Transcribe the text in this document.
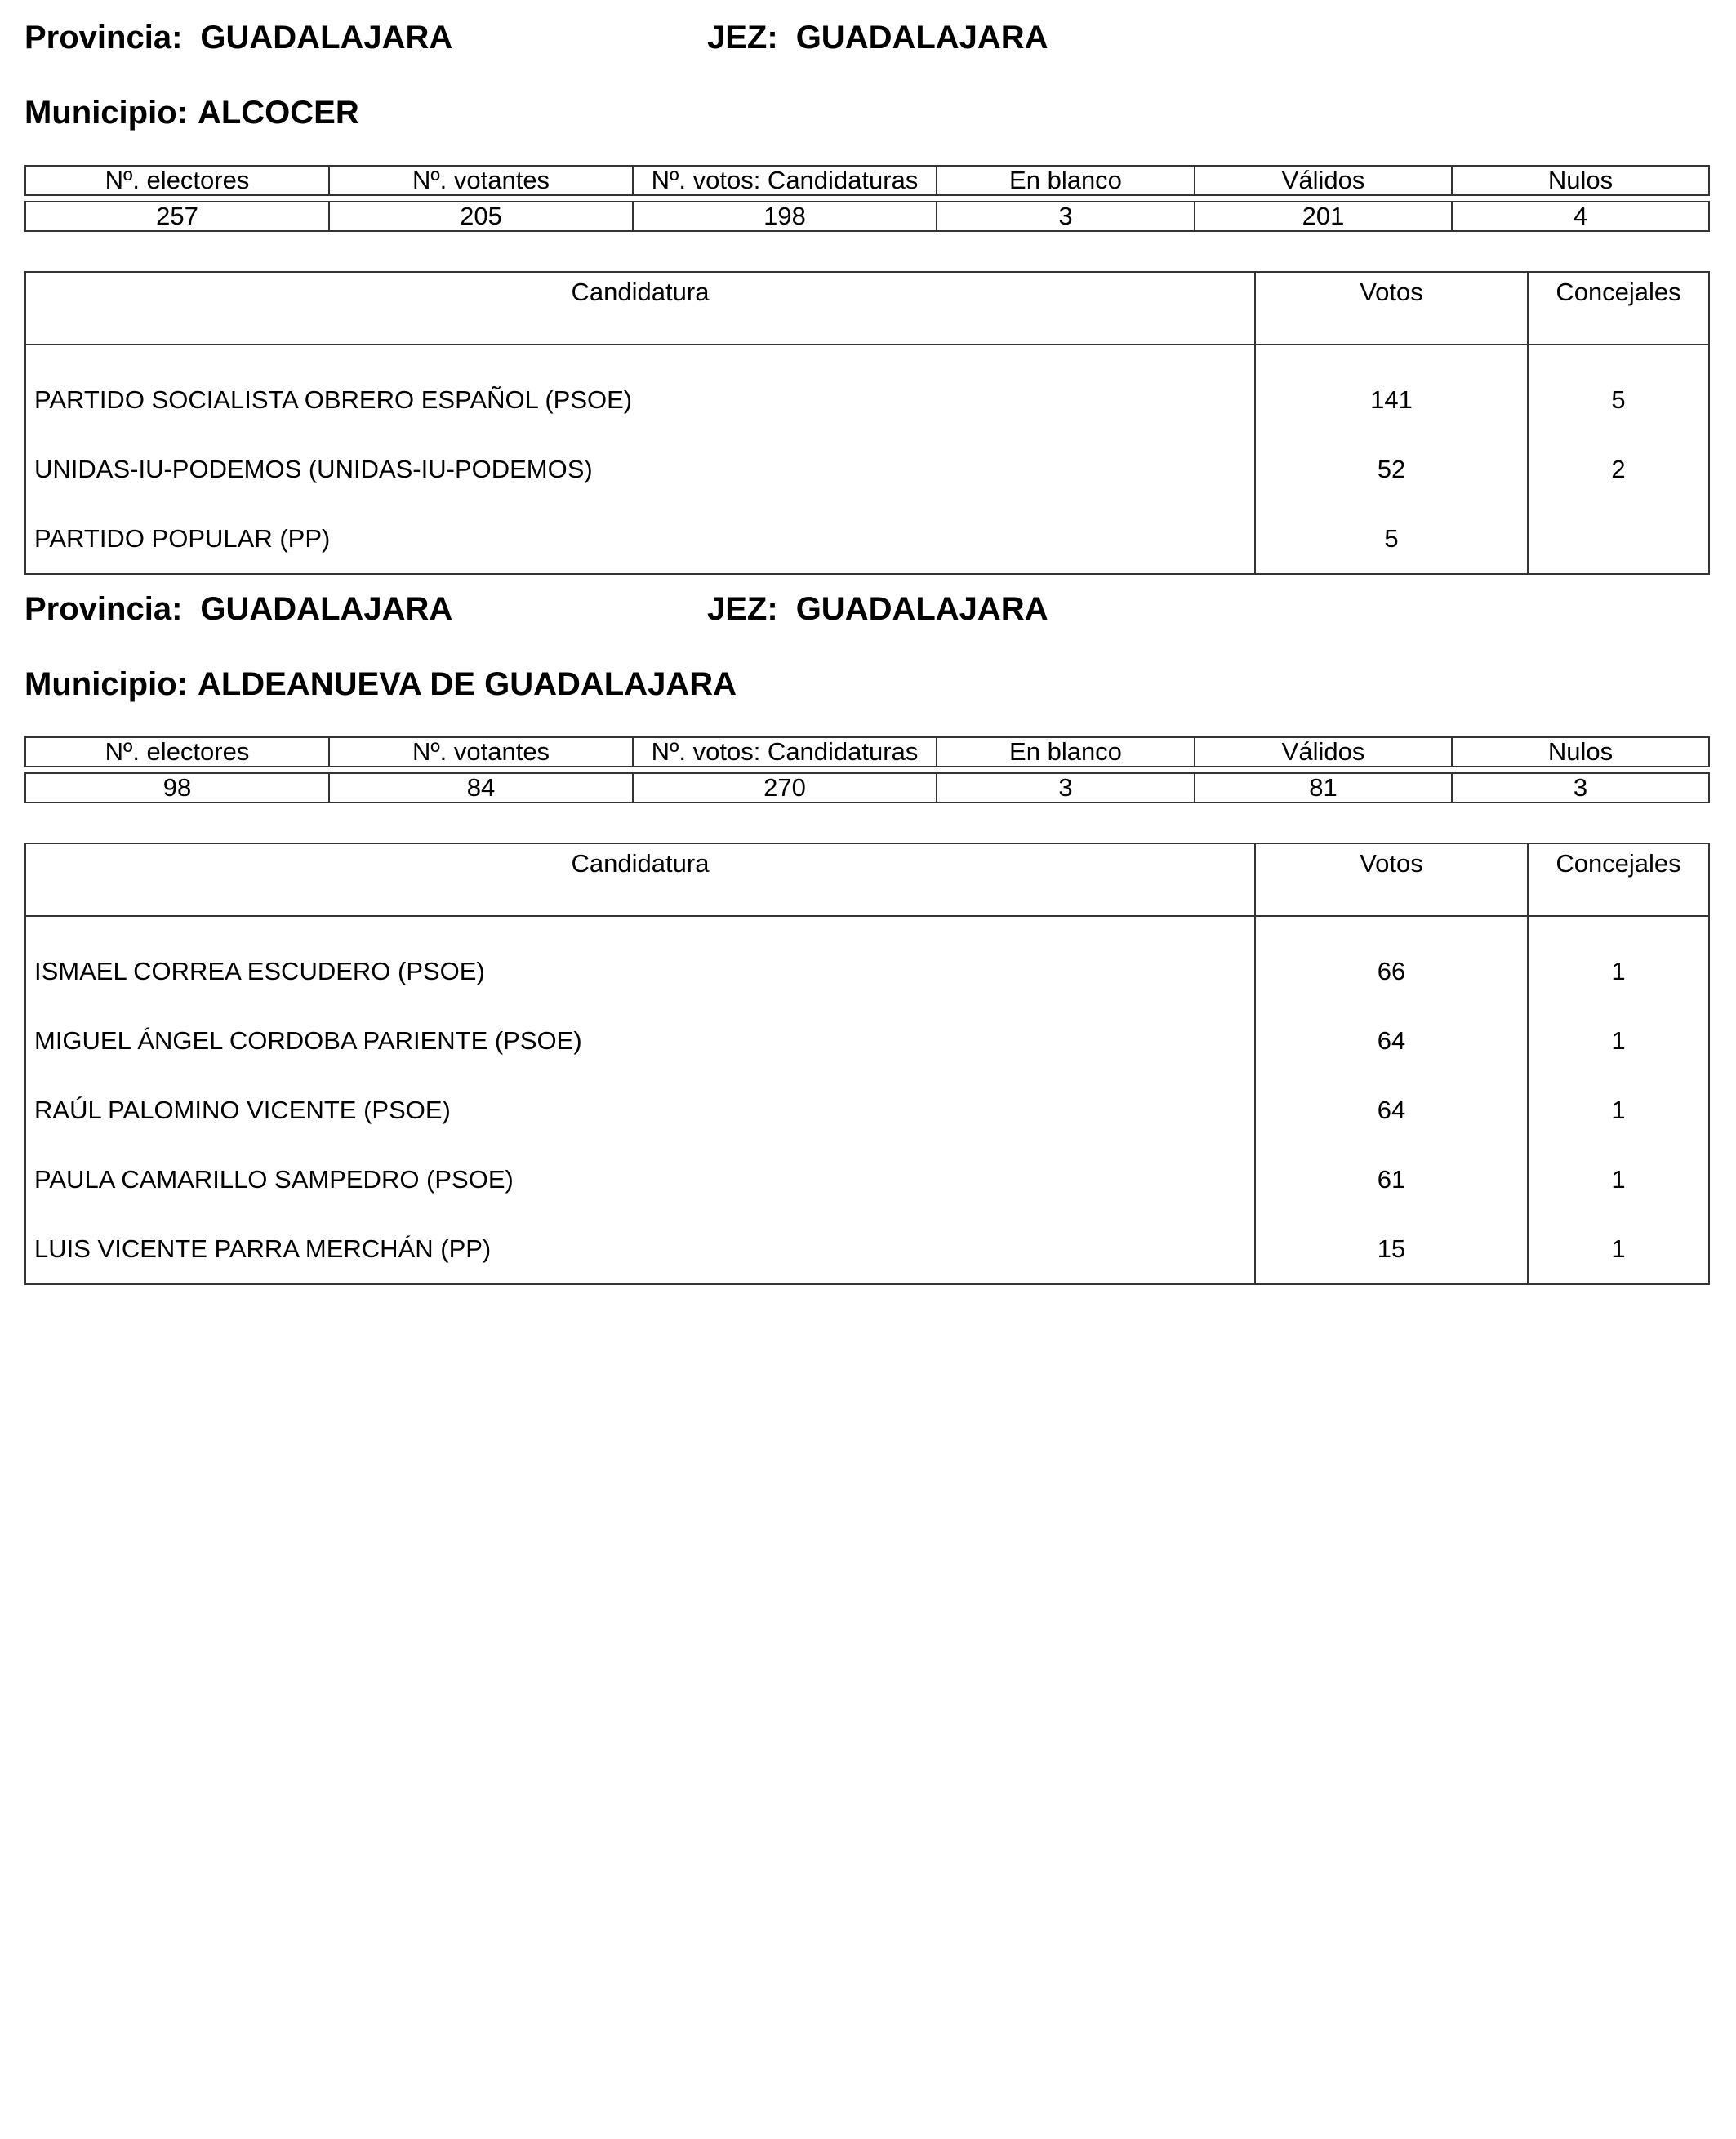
Provincia: GUADALAJARA	JEZ: GUADALAJARA
Municipio: ALCOCER
Nº. electores	Nº. votantes	Nº. votos: Candidaturas	En blanco	Válidos	Nulos

257	205	198	3	201	4
Candidatura	Votos	Concejales
PARTIDO SOCIALISTA OBRERO ESPAÑOL (PSOE)	141	5
UNIDAS-IU-PODEMOS (UNIDAS-IU-PODEMOS)	52	2
PARTIDO POPULAR (PP)	5	
Provincia: GUADALAJARA	JEZ: GUADALAJARA
Municipio: ALDEANUEVA DE GUADALAJARA
Nº. electores	Nº. votantes	Nº. votos: Candidaturas	En blanco	Válidos	Nulos

98	84	270	3	81	3
Candidatura	Votos	Concejales
ISMAEL CORREA ESCUDERO (PSOE)	66	1
MIGUEL ÁNGEL CORDOBA PARIENTE (PSOE)	64	1
RAÚL PALOMINO VICENTE (PSOE)	64	1
PAULA CAMARILLO SAMPEDRO (PSOE)	61	1
LUIS VICENTE PARRA MERCHÁN (PP)	15	1
